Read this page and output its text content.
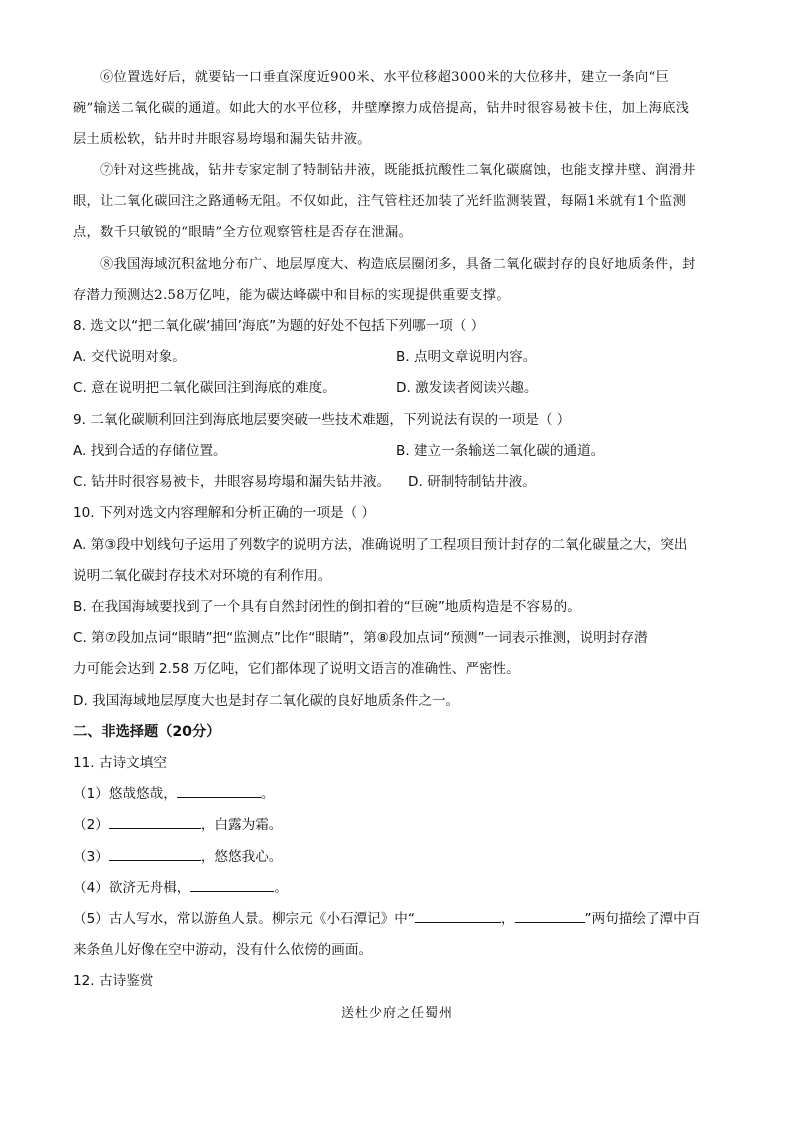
⑥位置选好后，就要钻一口垂直深度近900米、水平位移超3000米的大位移井，建立一条向“巨

碗”输送二氧化碳的通道。如此大的水平位移，井壁摩擦力成倍提高，钻井时很容易被卡住，加上海底浅

层土质松软，钻井时井眼容易垮塌和漏失钻井液。

⑦针对这些挑战，钻井专家定制了特制钻井液，既能抵抗酸性二氧化碳腐蚀，也能支撑井壁、润滑井

眼，让二氧化碳回注之路通畅无阻。不仅如此，注气管柱还加装了光纤监测装置，每隔1米就有1个监测

点，数千只敏锐的“眼睛”全方位观察管柱是否存在泄漏。

⑧我国海域沉积盆地分布广、地层厚度大、构造底层圈闭多，具备二氧化碳封存的良好地质条件，封

存潜力预测达2.58万亿吨，能为碳达峰碳中和目标的实现提供重要支撑。

8. 选文以“把二氧化碳‘捕回’海底”为题的好处不包括下列哪一项（ ）

A. 交代说明对象。	B. 点明文章说明内容。

C. 意在说明把二氧化碳回注到海底的难度。	D. 激发读者阅读兴趣。

9. 二氧化碳顺利回注到海底地层要突破一些技术难题，下列说法有误的一项是（ ）

A. 找到合适的存储位置。	B. 建立一条输送二氧化碳的通道。

C. 钻井时很容易被卡，井眼容易垮塌和漏失钻井液。 D. 研制特制钻井液。

10. 下列对选文内容理解和分析正确的一项是（ ）

A. 第③段中划线句子运用了列数字的说明方法，准确说明了工程项目预计封存的二氧化碳量之大，突出

说明二氧化碳封存技术对环境的有利作用。

B. 在我国海域要找到了一个具有自然封闭性的倒扣着的“巨碗”地质构造是不容易的。

C. 第⑦段加点词“眼睛”把“监测点”比作“眼睛”，第⑧段加点词“预测”一词表示推测，说明封存潜

力可能会达到 2.58 万亿吨，它们都体现了说明文语言的准确性、严密性。

D. 我国海域地层厚度大也是封存二氧化碳的良好地质条件之一。

二、非选择题（20分）

11. 古诗文填空

（1）悠哉悠哉，	。

（2）	，白露为霜。

（3）	，悠悠我心。

（4）欲济无舟楫，	。

（5）古人写水，常以游鱼人景。柳宗元《小石潭记》中“	，	”两句描绘了潭中百

来条鱼儿好像在空中游动，没有什么依傍的画面。

12. 古诗鉴赏

送杜少府之任蜀州
